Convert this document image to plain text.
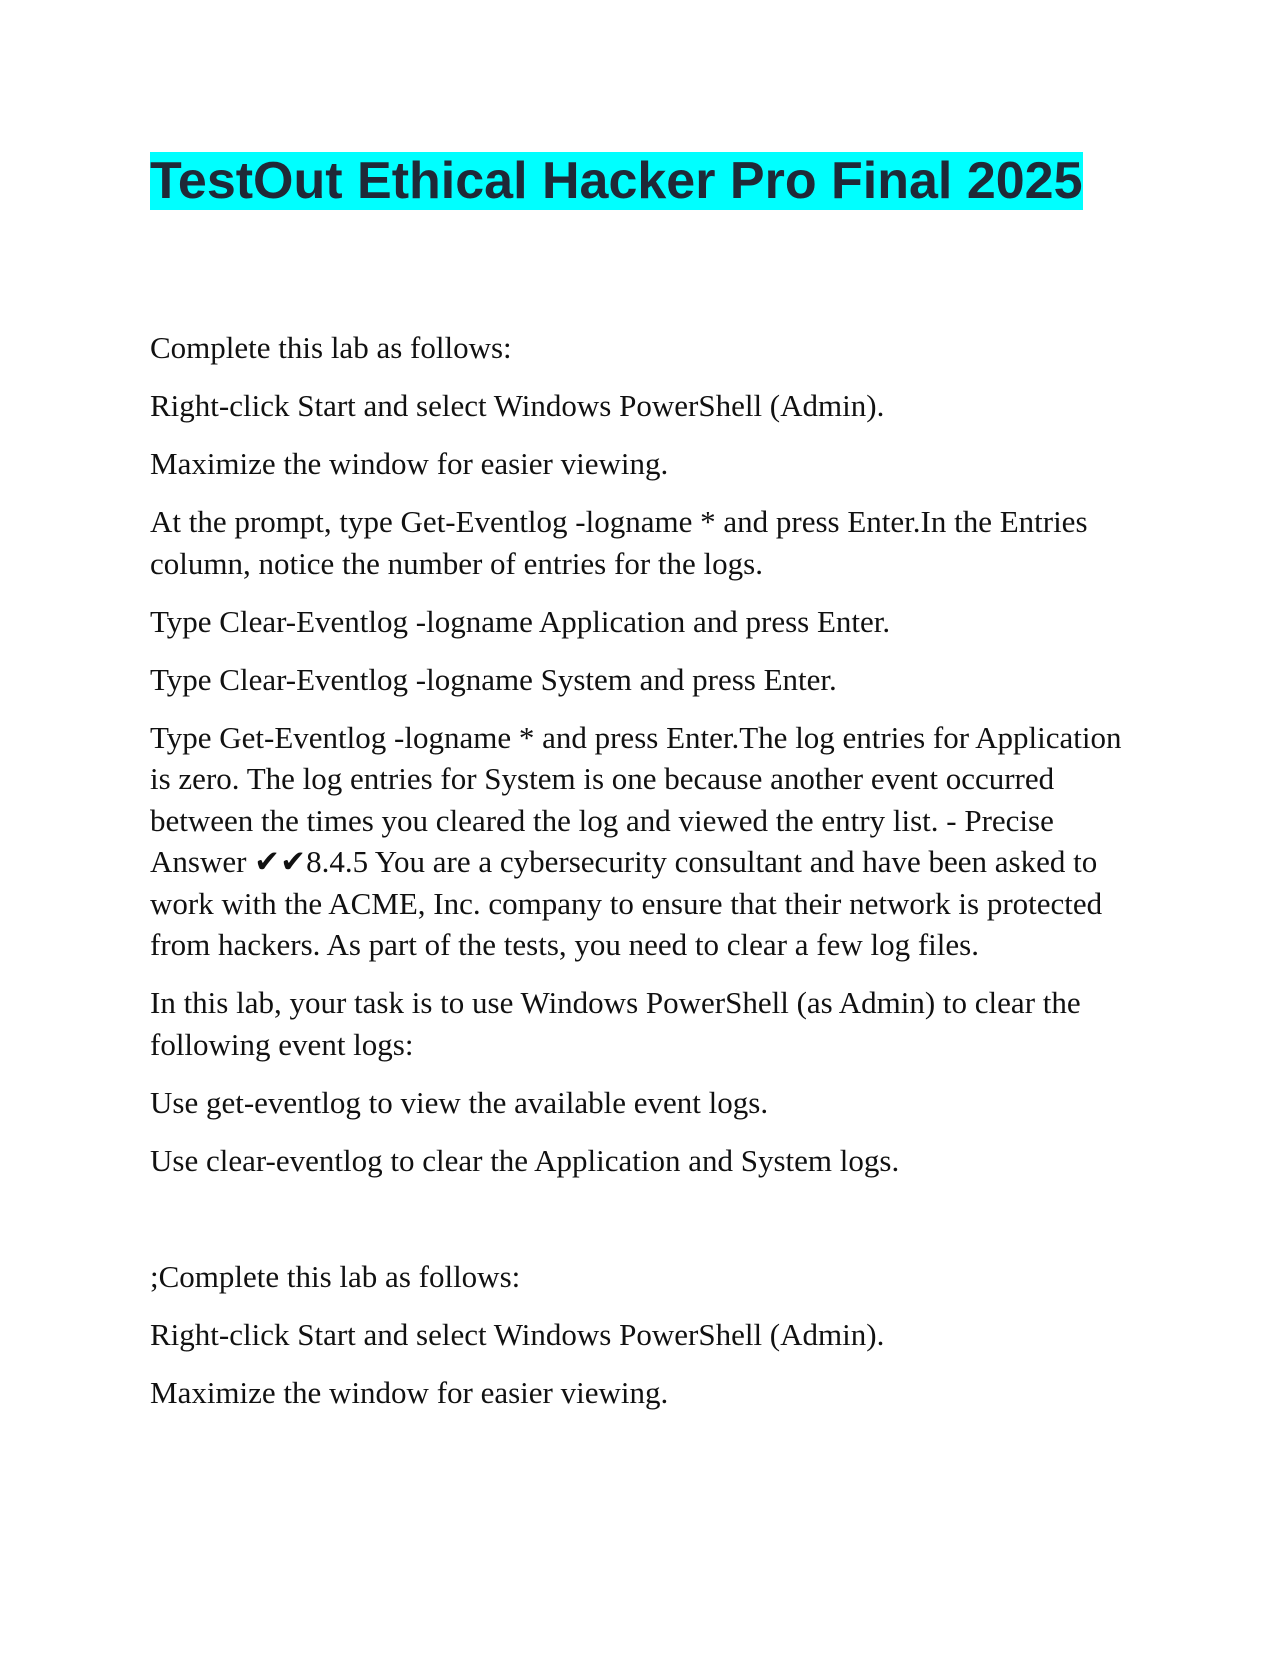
TestOut Ethical Hacker Pro Final 2025

Complete this lab as follows:

Right-click Start and select Windows PowerShell (Admin).

Maximize the window for easier viewing.

At the prompt, type Get-Eventlog -logname * and press Enter.In the Entries column, notice the number of entries for the logs.

Type Clear-Eventlog -logname Application and press Enter.

Type Clear-Eventlog -logname System and press Enter.

Type Get-Eventlog -logname * and press Enter.The log entries for Application is zero. The log entries for System is one because another event occurred between the times you cleared the log and viewed the entry list. - Precise Answer ✔✔8.4.5 You are a cybersecurity consultant and have been asked to work with the ACME, Inc. company to ensure that their network is protected from hackers. As part of the tests, you need to clear a few log files.

In this lab, your task is to use Windows PowerShell (as Admin) to clear the following event logs:

Use get-eventlog to view the available event logs.

Use clear-eventlog to clear the Application and System logs.

;Complete this lab as follows:

Right-click Start and select Windows PowerShell (Admin).

Maximize the window for easier viewing.
